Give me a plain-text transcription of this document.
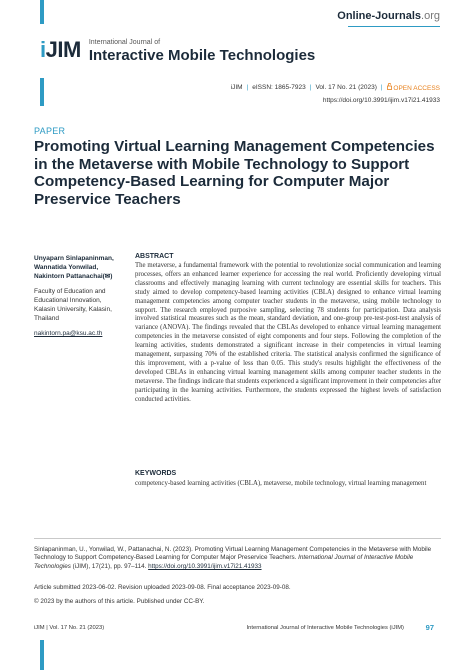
Online-Journals.org
iJIM International Journal of
Interactive Mobile Technologies
iJIM | eISSN: 1865-7923 | Vol. 17 No. 21 (2023) |	OPEN ACCESS
https://doi.org/10.3991/ijim.v17i21.41933
PAPER
Promoting Virtual Learning Management Competencies in the Metaverse with Mobile Technology to Support Competency-Based Learning for Computer Major Preservice Teachers
Unyaparn Sinlapaninman, Wannatida Yonwilad, Nakintorn Pattanachai(✉)
Faculty of Education and Educational Innovation, Kalasin University, Kalasin, Thailand
nakintorn.pa@ksu.ac.th
ABSTRACT
The metaverse, a fundamental framework with the potential to revolutionize social communication and learning processes, offers an enhanced learner experience for accessing the real world. Proficiently developing virtual classrooms and effectively managing learning with current technology are essential skills for teachers. This study aimed to develop competency-based learning activities (CBLA) designed to enhance virtual learning management competencies among computer teacher students in the metaverse, using mobile technology to support. The research employed purposive sampling, selecting 78 students for participation. Data analysis involved statistical measures such as the mean, standard deviation, and one-group pre-test-post-test analysis of variance (ANOVA). The findings revealed that the CBLAs developed to enhance virtual learning management competencies in the metaverse consisted of eight components and four steps. Following the completion of the learning activities, students demonstrated a significant increase in their competencies in virtual learning management, surpassing 70% of the established criteria. The statistical analysis confirmed the significance of this improvement, with a p-value of less than 0.05. This study's results highlight the effectiveness of the developed CBLAs in enhancing virtual learning management skills among computer teacher students in the metaverse. The findings indicate that students experienced a significant improvement in their competencies after participating in the learning activities. Furthermore, the students expressed the highest levels of satisfaction conducted activities.
KEYWORDS
competency-based learning activities (CBLA), metaverse, mobile technology, virtual learning management
Sinlapaninman, U., Yonwilad, W., Pattanachai, N. (2023). Promoting Virtual Learning Management Competencies in the Metaverse with Mobile Technology to Support Competency-Based Learning for Computer Major Preservice Teachers. International Journal of Interactive Mobile Technologies (iJIM), 17(21), pp. 97–114. https://doi.org/10.3991/ijim.v17i21.41933
Article submitted 2023-06-02. Revision uploaded 2023-09-08. Final acceptance 2023-09-08.
© 2023 by the authors of this article. Published under CC-BY.
iJIM | Vol. 17 No. 21 (2023)	International Journal of Interactive Mobile Technologies (iJIM)	97
